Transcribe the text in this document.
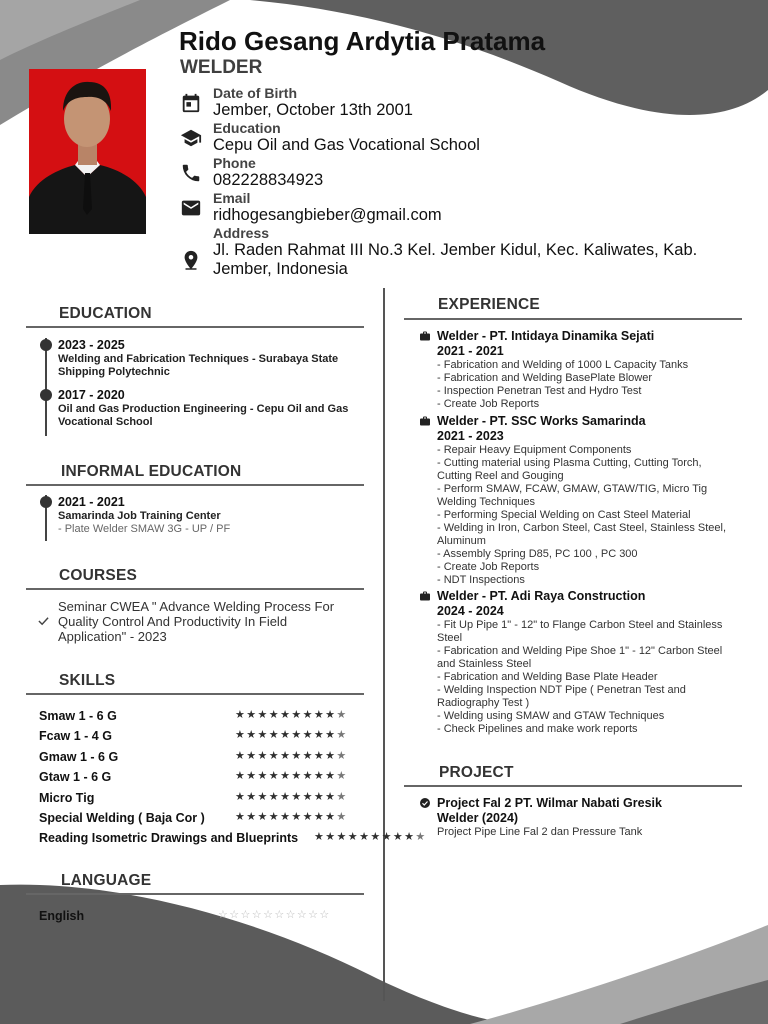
Rido Gesang Ardytia Pratama
WELDER
Date of Birth
Jember, October 13th 2001
Education
Cepu Oil and Gas Vocational School
Phone
082228834923
Email
ridhogesangbieber@gmail.com
Address
Jl. Raden Rahmat III No.3 Kel. Jember Kidul, Kec. Kaliwates, Kab. Jember, Indonesia
EDUCATION
2023 - 2025
Welding and Fabrication Techniques - Surabaya State Shipping Polytechnic
2017 - 2020
Oil and Gas Production Engineering - Cepu Oil and Gas Vocational School
INFORMAL EDUCATION
2021 - 2021
Samarinda Job Training Center
- Plate Welder SMAW 3G - UP / PF
COURSES
Seminar CWEA " Advance Welding Process For Quality Control And Productivity In Field Application" - 2023
SKILLS
Smaw 1 - 6 G	★★★★★★★★★★
Fcaw 1 - 4 G	★★★★★★★★★★
Gmaw 1 - 6 G	★★★★★★★★★★
Gtaw 1 - 6 G	★★★★★★★★★★
Micro Tig	★★★★★★★★★★
Special Welding ( Baja Cor )	★★★★★★★★★★
Reading Isometric Drawings and Blueprints ★★★★★★★★★★
LANGUAGE
English	☆☆☆☆☆☆☆☆☆☆
EXPERIENCE
Welder - PT. Intidaya Dinamika Sejati
2021 - 2021
- Fabrication and Welding of 1000 L Capacity Tanks
- Fabrication and Welding BasePlate Blower
- Inspection Penetran Test and Hydro Test
- Create Job Reports
Welder - PT. SSC Works Samarinda
2021 - 2023
- Repair Heavy Equipment Components
- Cutting material using Plasma Cutting, Cutting Torch, Cutting Reel and Gouging
- Perform SMAW, FCAW, GMAW, GTAW/TIG, Micro Tig Welding Techniques
- Performing Special Welding on Cast Steel Material
- Welding in Iron, Carbon Steel, Cast Steel, Stainless Steel, Aluminum
- Assembly Spring D85, PC 100 , PC 300
- Create Job Reports
- NDT Inspections
Welder - PT. Adi Raya Construction
2024 - 2024
- Fit Up Pipe 1" - 12" to Flange Carbon Steel and Stainless Steel
- Fabrication and Welding Pipe Shoe 1" - 12" Carbon Steel and Stainless Steel
- Fabrication and Welding Base Plate Header
- Welding Inspection NDT Pipe ( Penetran Test and Radiography Test )
- Welding using SMAW and GTAW Techniques
- Check Pipelines and make work reports
PROJECT
Project Fal 2 PT. Wilmar Nabati Gresik
Welder (2024)
Project Pipe Line Fal 2 dan Pressure Tank
